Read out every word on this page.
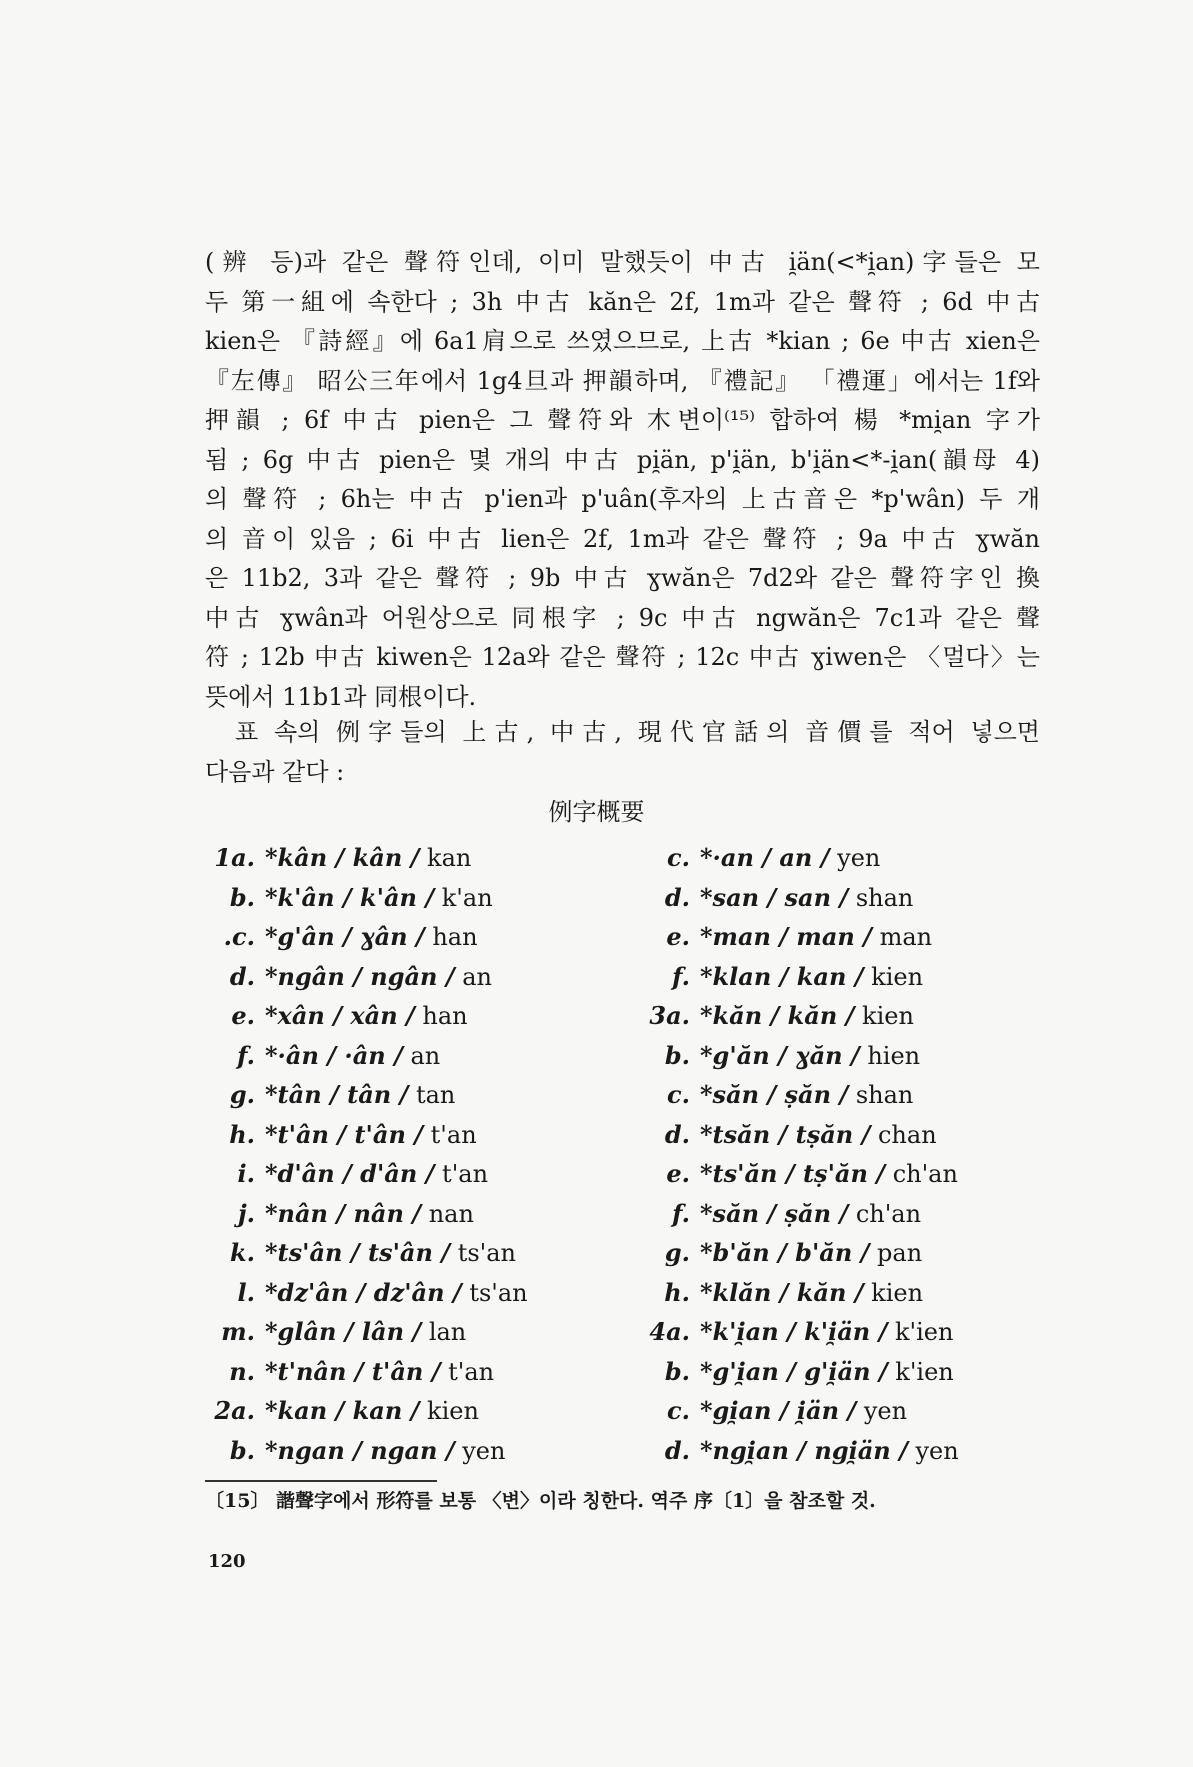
(辨 등)과 같은 聲符인데, 이미 말했듯이 中古 i̯än(<*i̯an)字들은 모
두 第一組에 속한다 ; 3h 中古 kăn은 2f, 1m과 같은 聲符 ; 6d 中古
kien은 『詩經』에 6a1肩으로 쓰였으므로, 上古 *kian ; 6e 中古 xien은
『左傳』 昭公三年에서 1g4旦과 押韻하며, 『禮記』 「禮運」에서는 1f와
押韻 ; 6f 中古 pien은 그 聲符와 木변이⁽¹⁵⁾ 합하여 楊 *mi̯an 字가
됨 ; 6g 中古 pien은 몇 개의 中古 pi̯än, p'i̯än, b'i̯än<*-i̯an(韻母 4)
의 聲符 ; 6h는 中古 p'ien과 p'uân(후자의 上古音은 *p'wân) 두 개
의 音이 있음 ; 6i 中古 lien은 2f, 1m과 같은 聲符 ; 9a 中古 ɣwăn
은 11b2, 3과 같은 聲符 ; 9b 中古 ɣwăn은 7d2와 같은 聲符字인 換
中古 ɣwân과 어원상으로 同根字 ; 9c 中古 ngwăn은 7c1과 같은 聲
符 ; 12b 中古 kiwen은 12a와 같은 聲符 ; 12c 中古 ɣiwen은 〈멀다〉는
뜻에서 11b1과 同根이다.
표 속의 例字들의 上古, 中古, 現代官話의 音價를 적어 넣으면
다음과 같다 :
例字概要
1a. *kân / kân / kan
b. *k'ân / k'ân / k'an
.c. *g'ân / ɣân / han
d. *ngân / ngân / an
e. *xân / xân / han
f. *·ân / ·ân / an
g. *tân / tân / tan
h. *t'ân / t'ân / t'an
i. *d'ân / d'ân / t'an
j. *nân / nân / nan
k. *ts'ân / ts'ân / ts'an
l. *dz'ân / dz'ân / ts'an
m. *glân / lân / lan
n. *t'nân / t'ân / t'an
2a. *kan / kan / kien
b. *ngan / ngan / yen
c. *·an / an / yen
d. *san / san / shan
e. *man / man / man
f. *klan / kan / kien
3a. *kăn / kăn / kien
b. *g'ăn / ɣăn / hien
c. *săn / ṣăn / shan
d. *tsăn / tṣăn / chan
e. *ts'ăn / tṣ'ăn / ch'an
f. *săn / ṣăn / ch'an
g. *b'ăn / b'ăn / pan
h. *klăn / kăn / kien
4a. *k'i̯an / k'i̯än / k'ien
b. *g'i̯an / g'i̯än / k'ien
c. *gi̯an / i̯än / yen
d. *ngi̯an / ngi̯än / yen
〔15〕 諧聲字에서 形符를 보통 〈변〉이라 칭한다. 역주 序〔1〕을 참조할 것.
120
